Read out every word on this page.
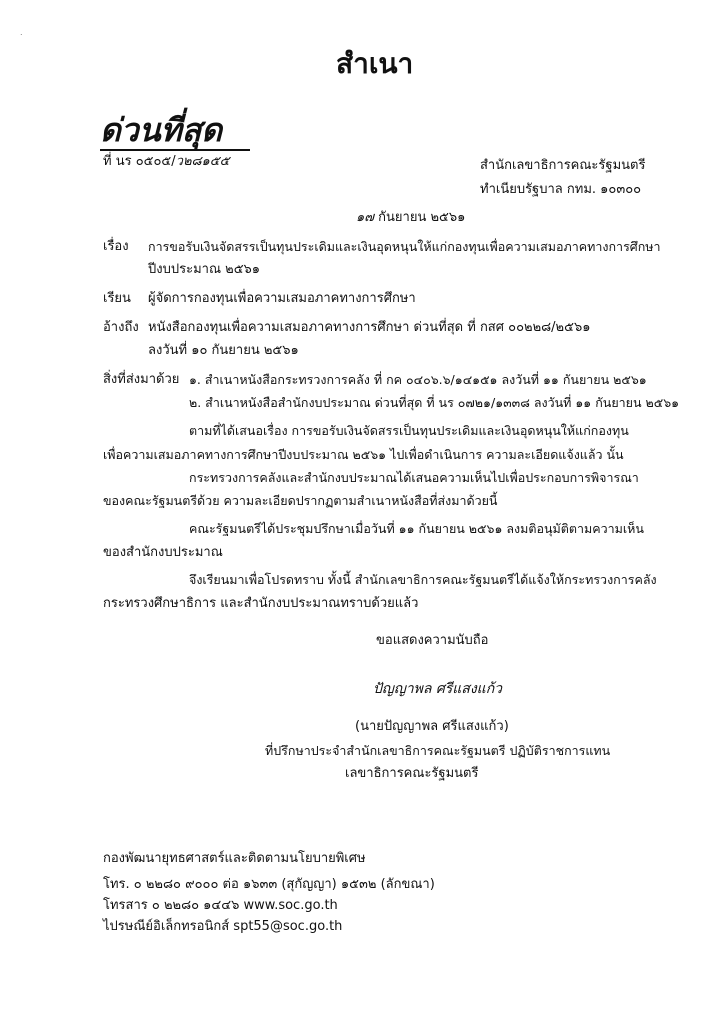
.
สำเนา
ด่วนที่สุด
ที่ นร ๐๕๐๕/ว๒๘๑๕๕	สำนักเลขาธิการคณะรัฐมนตรี
ทำเนียบรัฐบาล กทม. ๑๐๓๐๐
๑๗ กันยายน ๒๕๖๑
เรื่อง การขอรับเงินจัดสรรเป็นทุนประเดิมและเงินอุดหนุนให้แก่กองทุนเพื่อความเสมอภาคทางการศึกษา
ปีงบประมาณ ๒๕๖๑
เรียน ผู้จัดการกองทุนเพื่อความเสมอภาคทางการศึกษา
อ้างถึง หนังสือกองทุนเพื่อความเสมอภาคทางการศึกษา ด่วนที่สุด ที่ กสศ ๐๐๒๒๘/๒๕๖๑
ลงวันที่ ๑๐ กันยายน ๒๕๖๑
สิ่งที่ส่งมาด้วย ๑. สำเนาหนังสือกระทรวงการคลัง ที่ กค ๐๔๐๖.๖/๑๔๑๕๑ ลงวันที่ ๑๑ กันยายน ๒๕๖๑
๒. สำเนาหนังสือสำนักงบประมาณ ด่วนที่สุด ที่ นร ๐๗๒๑/๑๓๓๘ ลงวันที่ ๑๑ กันยายน ๒๕๖๑
ตามที่ได้เสนอเรื่อง การขอรับเงินจัดสรรเป็นทุนประเดิมและเงินอุดหนุนให้แก่กองทุน
เพื่อความเสมอภาคทางการศึกษาปีงบประมาณ ๒๕๖๑ ไปเพื่อดำเนินการ ความละเอียดแจ้งแล้ว นั้น
กระทรวงการคลังและสำนักงบประมาณได้เสนอความเห็นไปเพื่อประกอบการพิจารณา
ของคณะรัฐมนตรีด้วย ความละเอียดปรากฏตามสำเนาหนังสือที่ส่งมาด้วยนี้
คณะรัฐมนตรีได้ประชุมปรึกษาเมื่อวันที่ ๑๑ กันยายน ๒๕๖๑ ลงมติอนุมัติตามความเห็น
ของสำนักงบประมาณ
จึงเรียนมาเพื่อโปรดทราบ ทั้งนี้ สำนักเลขาธิการคณะรัฐมนตรีได้แจ้งให้กระทรวงการคลัง
กระทรวงศึกษาธิการ และสำนักงบประมาณทราบด้วยแล้ว
ขอแสดงความนับถือ
ปัญญาพล ศรีแสงแก้ว
(นายปัญญาพล ศรีแสงแก้ว)
ที่ปรึกษาประจำสำนักเลขาธิการคณะรัฐมนตรี ปฏิบัติราชการแทน
เลขาธิการคณะรัฐมนตรี
กองพัฒนายุทธศาสตร์และติดตามนโยบายพิเศษ
โทร. ๐ ๒๒๘๐ ๙๐๐๐ ต่อ ๑๖๓๓ (สุกัญญา) ๑๕๓๒ (ลักขณา)
โทรสาร ๐ ๒๒๘๐ ๑๔๔๖ www.soc.go.th
ไปรษณีย์อิเล็กทรอนิกส์ spt55@soc.go.th
